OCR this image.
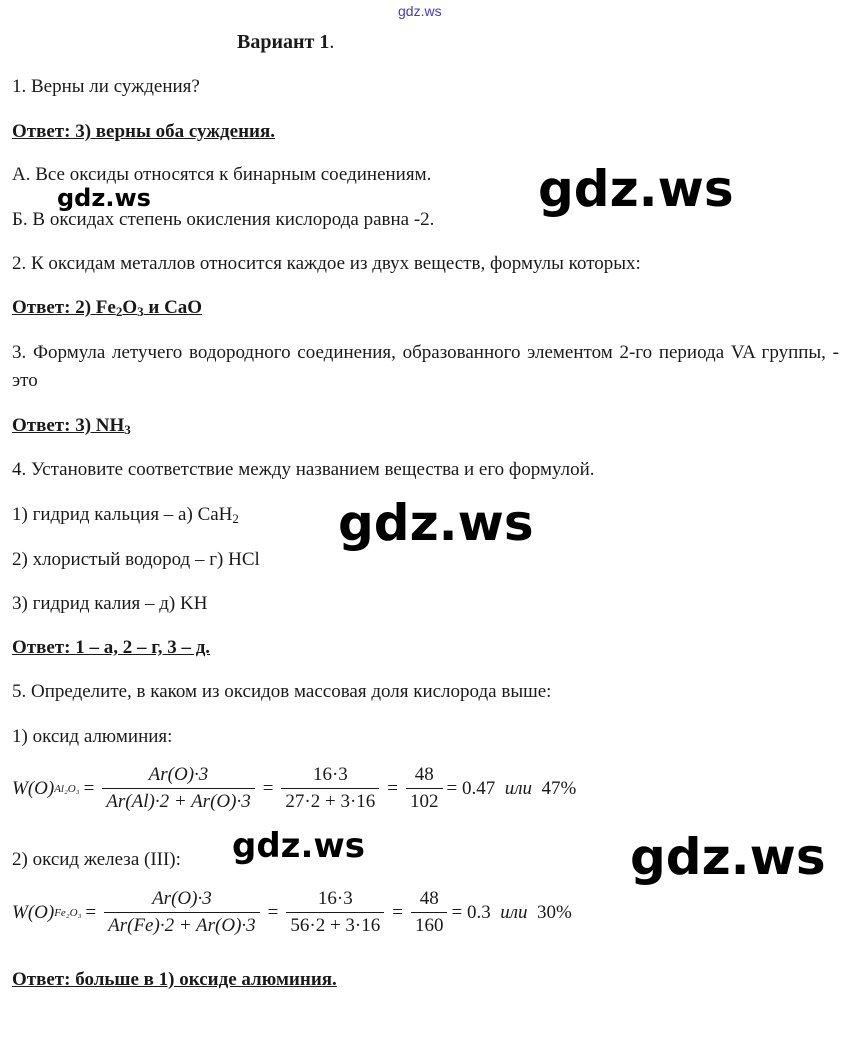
gdz.ws
Вариант 1.
1. Верны ли суждения?
Ответ: 3) верны оба суждения.
А. Все оксиды относятся к бинарным соединениям.
Б. В оксидах степень окисления кислорода равна -2.
2. К оксидам металлов относится каждое из двух веществ, формулы которых:
Ответ: 2) $Fe_2O_3$ и CaO
3. Формула летучего водородного соединения, образованного элементом 2-го периода VA группы, - это
Ответ: 3) $NH_3$
4. Установите соответствие между названием вещества и его формулой.
1) гидрид кальция – а) CaH$_2$
2) хлористый водород – г) HCl
3) гидрид калия – д) KH
Ответ: 1 – а, 2 – г, 3 – д.
5. Определите, в каком из оксидов массовая доля кислорода выше:
1) оксид алюминия:
W(O) $Al_2O_3 = \frac{Ar(O)\cdot 3}{Ar(Al)\cdot 2 + Ar(O)\cdot 3} = \frac{16\cdot 3}{27\cdot 2 + 3\cdot 16} = \frac{48}{102} = 0.47$
или
47%
2) оксид железа (III):
W(O) $Fe_2O_3 = \frac{Ar(O)\cdot 3}{Ar(Fe)\cdot 2 + Ar(O)\cdot 3} = \frac{16\cdot 3}{56\cdot 2 + 3\cdot 16} = \frac{48}{160} = 0.3$
или
30%
Ответ: больше в 1) оксиде алюминия.
gdz.ws
gdz.ws
gdz.ws
gdz.ws
gdz.ws
